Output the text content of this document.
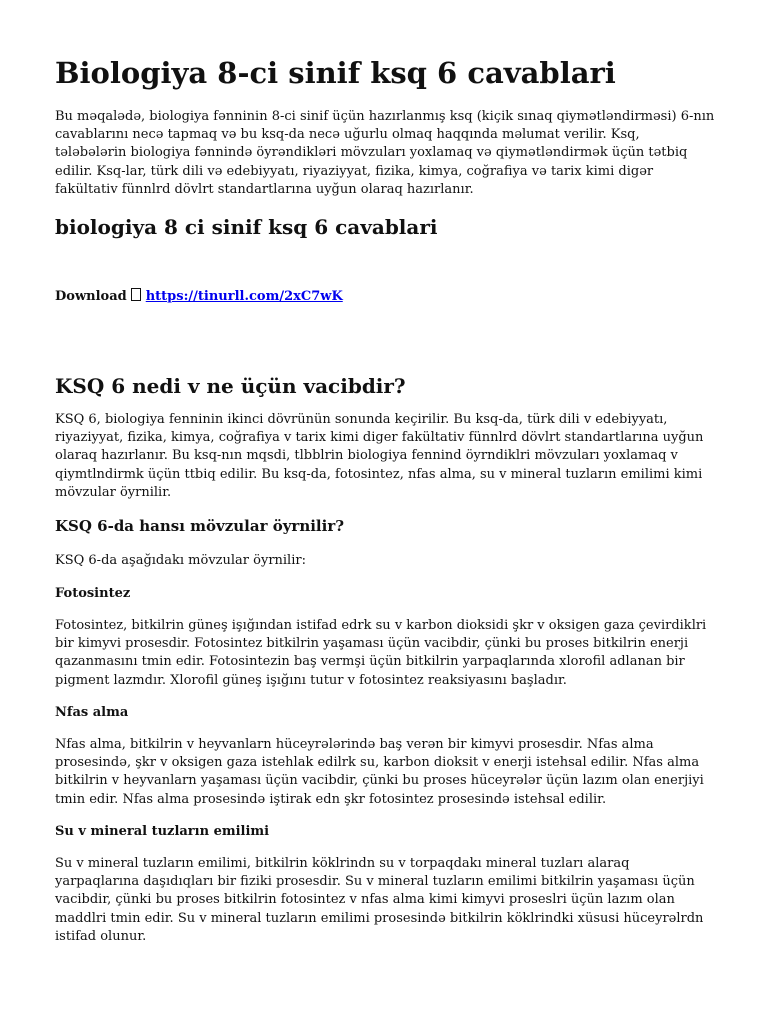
Biologiya 8-ci sinif ksq 6 cavablari

Bu məqalədə, biologiya fənninin 8-ci sinif üçün hazırlanmış ksq (kiçik sınaq qiymətləndirməsi) 6-nın cavablarını necə tapmaq və bu ksq-da necə uğurlu olmaq haqqında məlumat verilir. Ksq, tələbələrin biologiya fənnində öyrəndikləri mövzuları yoxlamaq və qiymətləndirmək üçün tətbiq edilir. Ksq-lar, türk dili və edebiyyatı, riyaziyyat, fizika, kimya, coğrafiya və tarix kimi digər fakültativ fünnlrd dövlrt standartlarına uyğun olaraq hazırlanır.

biologiya 8 ci sinif ksq 6 cavablari

Download https://tinurll.com/2xC7wK

KSQ 6 nedi v ne üçün vacibdir?

KSQ 6, biologiya fenninin ikinci dövrünün sonunda keçirilir. Bu ksq-da, türk dili v edebiyyatı, riyaziyyat, fizika, kimya, coğrafiya v tarix kimi diger fakültativ fünnlrd dövlrt standartlarına uyğun olaraq hazırlanır. Bu ksq-nın mqsdi, tlbblrin biologiya fennind öyrndiklri mövzuları yoxlamaq v qiymtlndirmk üçün ttbiq edilir. Bu ksq-da, fotosintez, nfas alma, su v mineral tuzların emilimi kimi mövzular öyrnilir.

KSQ 6-da hansı mövzular öyrnilir?

KSQ 6-da aşağıdakı mövzular öyrnilir:

Fotosintez

Fotosintez, bitkilrin güneş işığından istifad edrk su v karbon dioksidi şkr v oksigen gaza çevirdiklri bir kimyvi prosesdir. Fotosintez bitkilrin yaşaması üçün vacibdir, çünki bu proses bitkilrin enerji qazanmasını tmin edir. Fotosintezin baş vermşi üçün bitkilrin yarpaqlarında xlorofil adlanan bir pigment lazmdır. Xlorofil güneş işığını tutur v fotosintez reaksiyasını başladır.

Nfas alma

Nfas alma, bitkilrin v heyvanlarn hüceyrələrində baş verən bir kimyvi prosesdir. Nfas alma prosesində, şkr v oksigen gaza istehlak edilrk su, karbon dioksit v enerji istehsal edilir. Nfas alma bitkilrin v heyvanlarn yaşaması üçün vacibdir, çünki bu proses hüceyrələr üçün lazım olan enerjiyi tmin edir. Nfas alma prosesində iştirak edn şkr fotosintez prosesində istehsal edilir.

Su v mineral tuzların emilimi

Su v mineral tuzların emilimi, bitkilrin köklrindn su v torpaqdakı mineral tuzları alaraq yarpaqlarına daşıdıqları bir fiziki prosesdir. Su v mineral tuzların emilimi bitkilrin yaşaması üçün vacibdir, çünki bu proses bitkilrin fotosintez v nfas alma kimi kimyvi proseslri üçün lazım olan maddlri tmin edir. Su v mineral tuzların emilimi prosesində bitkilrin köklrindki xüsusi hüceyrəlrdn istifad olunur.
